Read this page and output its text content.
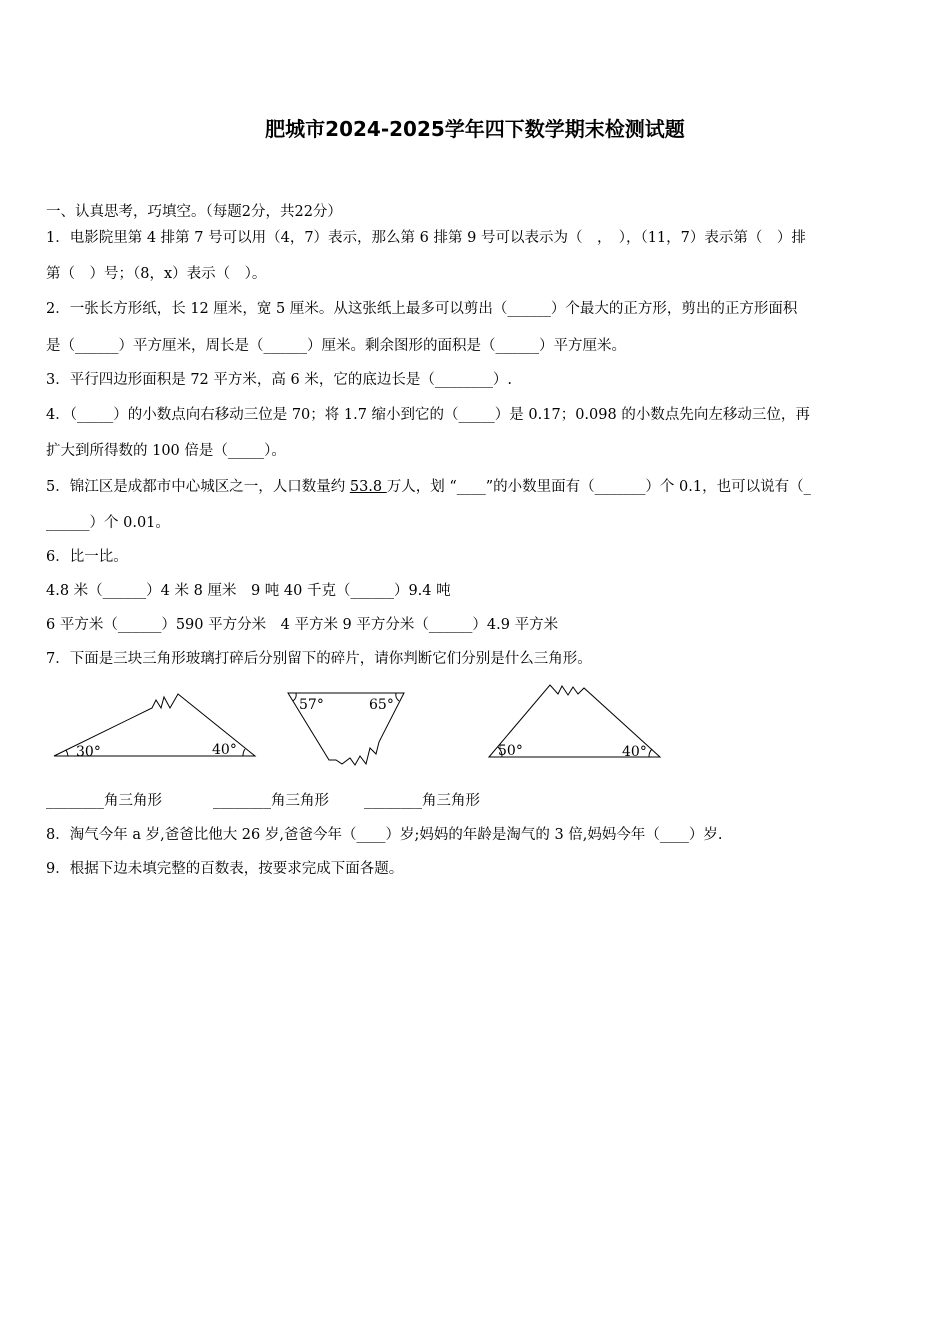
肥城市2024-2025学年四下数学期末检测试题
一、认真思考，巧填空。（每题2分，共22分）
1．电影院里第 4 排第 7 号可以用（4，7）表示，那么第 6 排第 9 号可以表示为（　，　），（11，7）表示第（　）排
第（　）号；（8，x）表示（　）。
2．一张长方形纸，长 12 厘米，宽 5 厘米。从这张纸上最多可以剪出（______）个最大的正方形，剪出的正方形面积
是（______）平方厘米，周长是（______）厘米。剩余图形的面积是（______）平方厘米。
3．平行四边形面积是 72 平方米，高 6 米，它的底边长是（________）.
4．（_____）的小数点向右移动三位是 70；将 1.7 缩小到它的（_____）是 0.17；0.098 的小数点先向左移动三位，再
扩大到所得数的 100 倍是（_____）。
5．锦江区是成都市中心城区之一，人口数量约 53.8 万人，划 “____”的小数里面有（_______）个 0.1，也可以说有（_
______）个 0.01。
6．比一比。
4.8 米（______）4 米 8 厘米　9 吨 40 千克（______）9.4 吨
6 平方米（______）590 平方分米　4 平方米 9 平方分米（______）4.9 平方米
7．下面是三块三角形玻璃打碎后分别留下的碎片，请你判断它们分别是什么三角形。
30°	40°
57°	65°
50°	40°
________角三角形	________角三角形 ________角三角形
8．淘气今年 a 岁,爸爸比他大 26 岁,爸爸今年（____）岁;妈妈的年龄是淘气的 3 倍,妈妈今年（____）岁.
9．根据下边未填完整的百数表，按要求完成下面各题。
